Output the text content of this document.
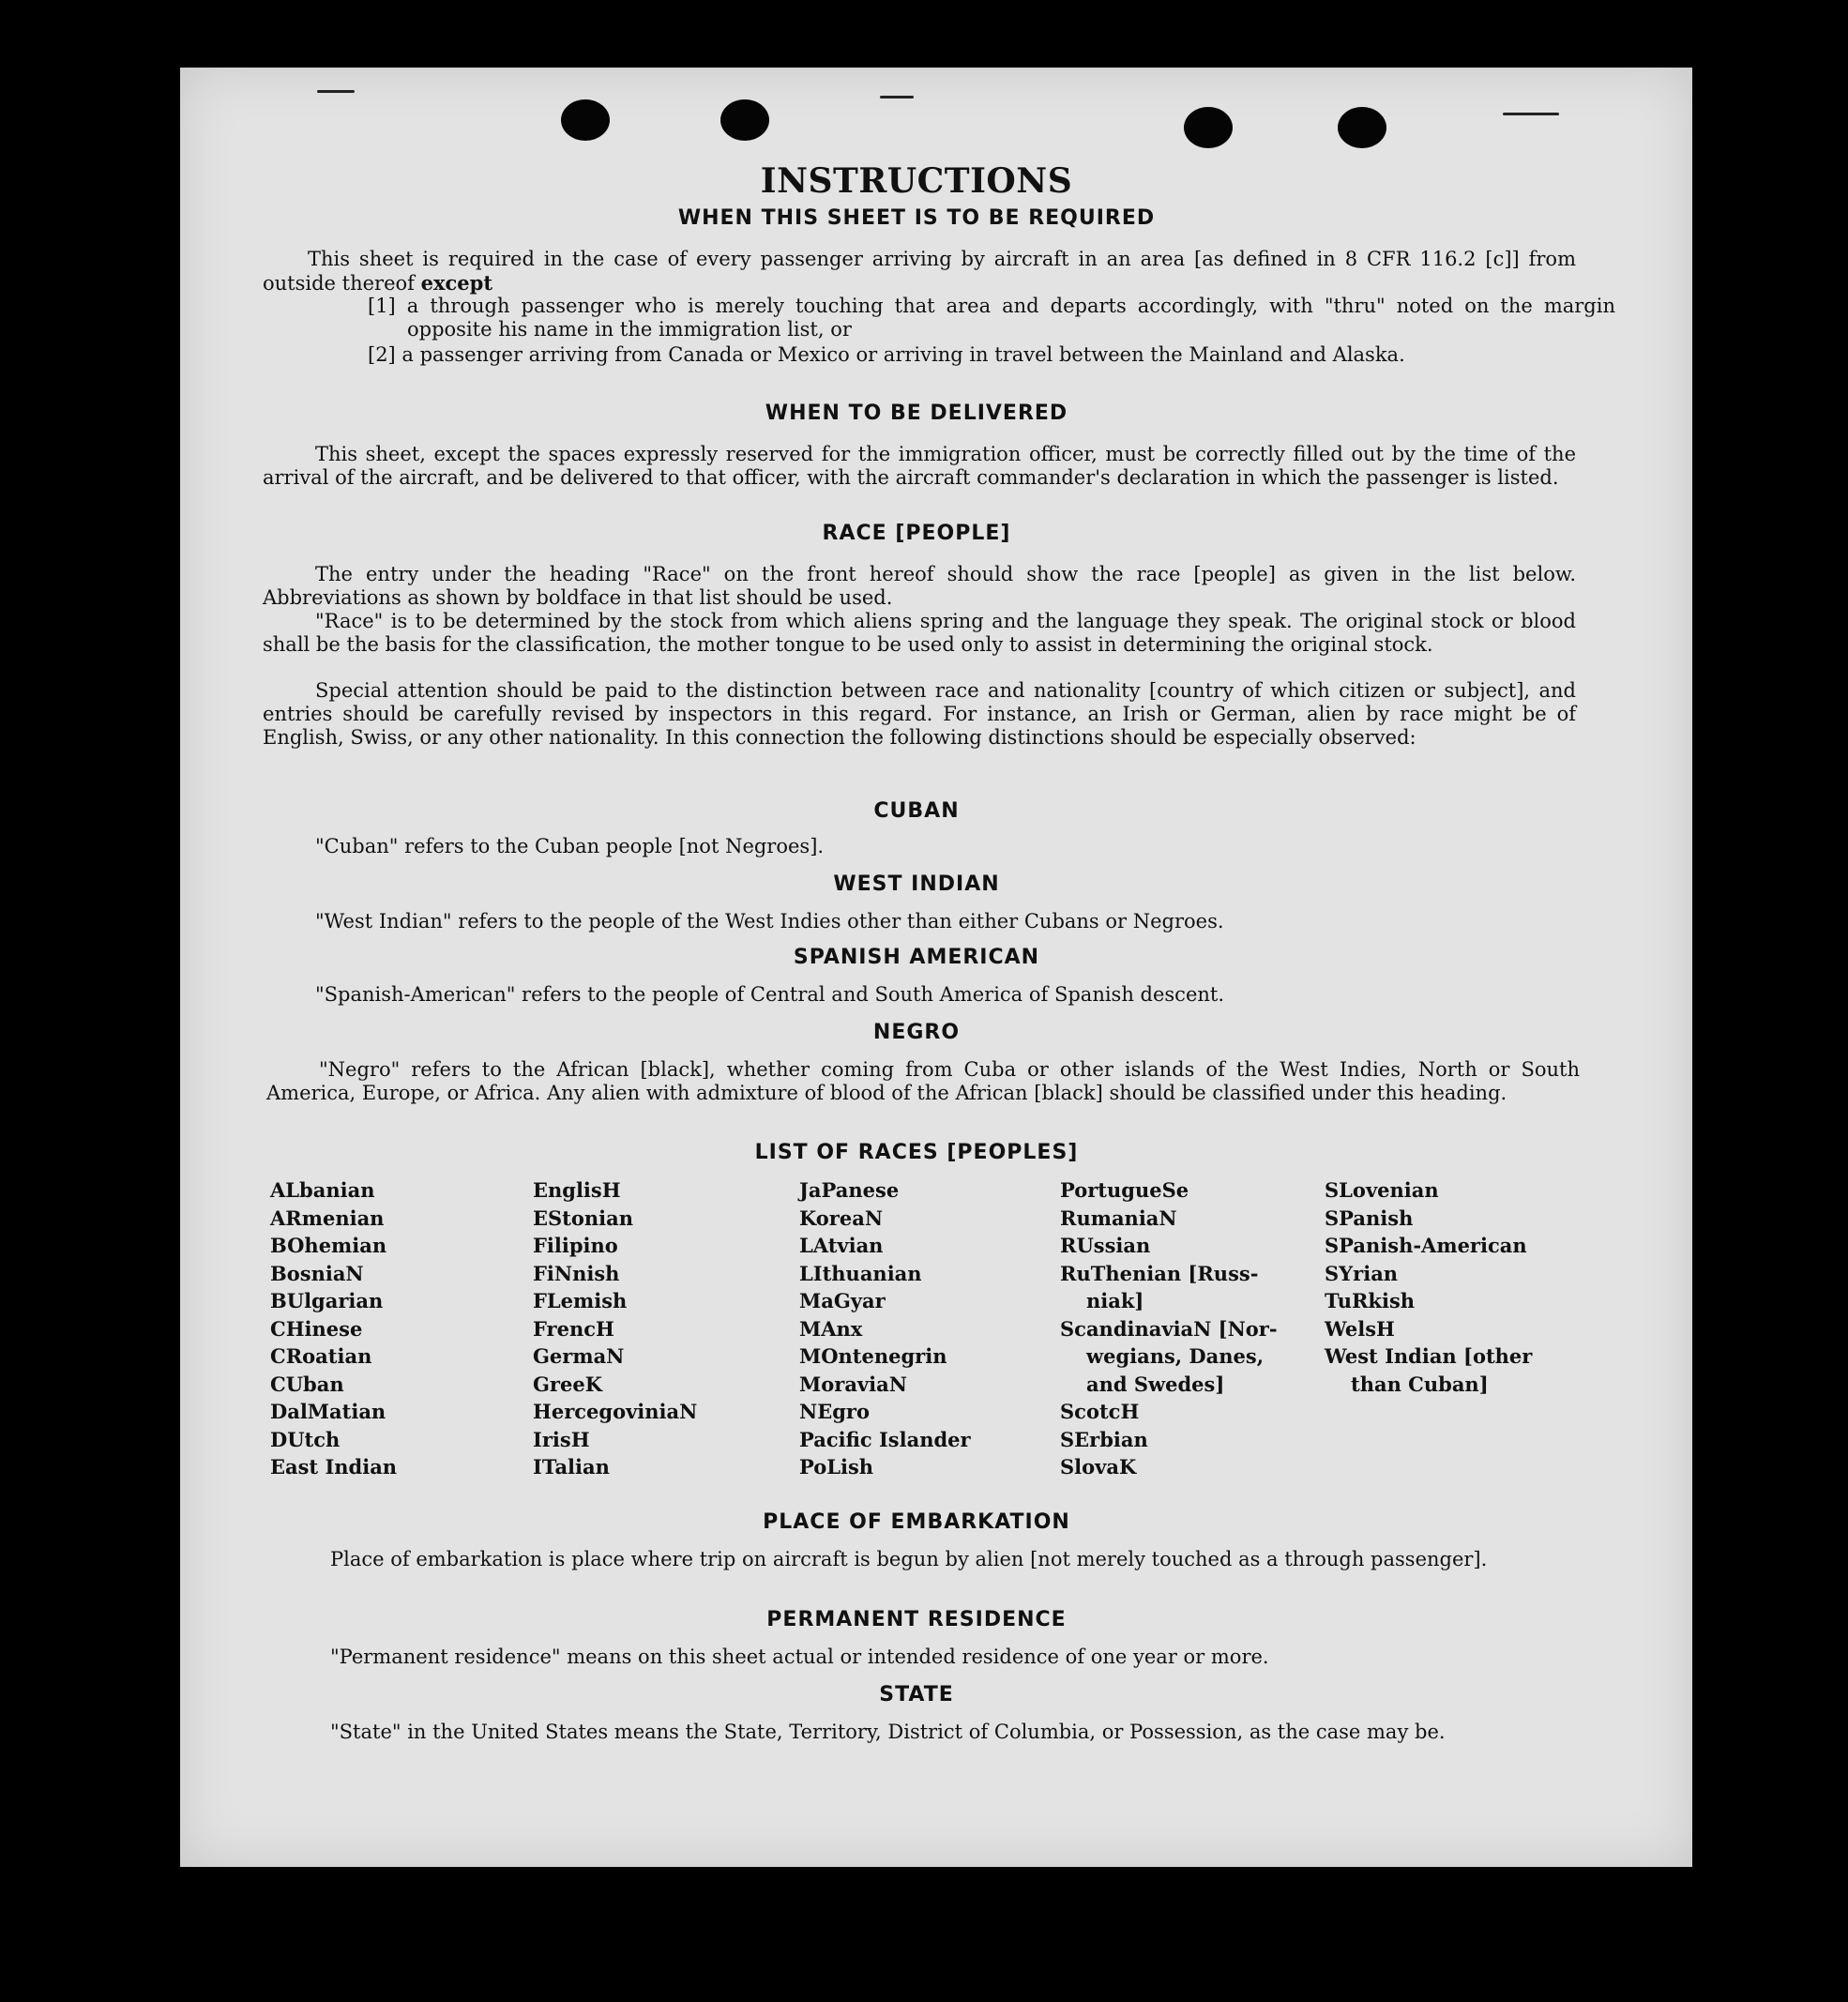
INSTRUCTIONS
WHEN THIS SHEET IS TO BE REQUIRED
This sheet is required in the case of every passenger arriving by aircraft in an area [as defined in 8 CFR 116.2 [c]] from outside thereof except
[1] a through passenger who is merely touching that area and departs accordingly, with "thru" noted on the margin opposite his name in the immigration list, or
[2] a passenger arriving from Canada or Mexico or arriving in travel between the Mainland and Alaska.
WHEN TO BE DELIVERED
This sheet, except the spaces expressly reserved for the immigration officer, must be correctly filled out by the time of the arrival of the aircraft, and be delivered to that officer, with the aircraft commander's declaration in which the passenger is listed.
RACE [PEOPLE]
The entry under the heading "Race" on the front hereof should show the race [people] as given in the list below. Abbreviations as shown by boldface in that list should be used.
"Race" is to be determined by the stock from which aliens spring and the language they speak. The original stock or blood shall be the basis for the classification, the mother tongue to be used only to assist in determining the original stock.
Special attention should be paid to the distinction between race and nationality [country of which citizen or subject], and entries should be carefully revised by inspectors in this regard. For instance, an Irish or German, alien by race might be of English, Swiss, or any other nationality. In this connection the following distinctions should be especially observed:
CUBAN
"Cuban" refers to the Cuban people [not Negroes].
WEST INDIAN
"West Indian" refers to the people of the West Indies other than either Cubans or Negroes.
SPANISH AMERICAN
"Spanish-American" refers to the people of Central and South America of Spanish descent.
NEGRO
"Negro" refers to the African [black], whether coming from Cuba or other islands of the West Indies, North or South America, Europe, or Africa. Any alien with admixture of blood of the African [black] should be classified under this heading.
LIST OF RACES [PEOPLES]
ALbanian
ARmenian
BOhemian
BosniaN
BUlgarian
CHinese
CRoatian
CUban
DalMatian
DUtch
East Indian
EnglisH
EStonian
Filipino
FiNnish
FLemish
FrencH
GermaN
GreeK
HercegoviniaN
IrisH
ITalian
JaPanese
KoreaN
LAtvian
LIthuanian
MaGyar
MAnx
MOntenegrin
MoraviaN
NEgro
Pacific Islander
PoLish
PortugueSe
RumaniaN
RUssian
RuThenian [Russ-
niak]
ScandinaviaN [Nor-
wegians, Danes,
and Swedes]
ScotcH
SErbian
SlovaK
SLovenian
SPanish
SPanish-American
SYrian
TuRkish
WelsH
West Indian [other
than Cuban]
PLACE OF EMBARKATION
Place of embarkation is place where trip on aircraft is begun by alien [not merely touched as a through passenger].
PERMANENT RESIDENCE
"Permanent residence" means on this sheet actual or intended residence of one year or more.
STATE
"State" in the United States means the State, Territory, District of Columbia, or Possession, as the case may be.
